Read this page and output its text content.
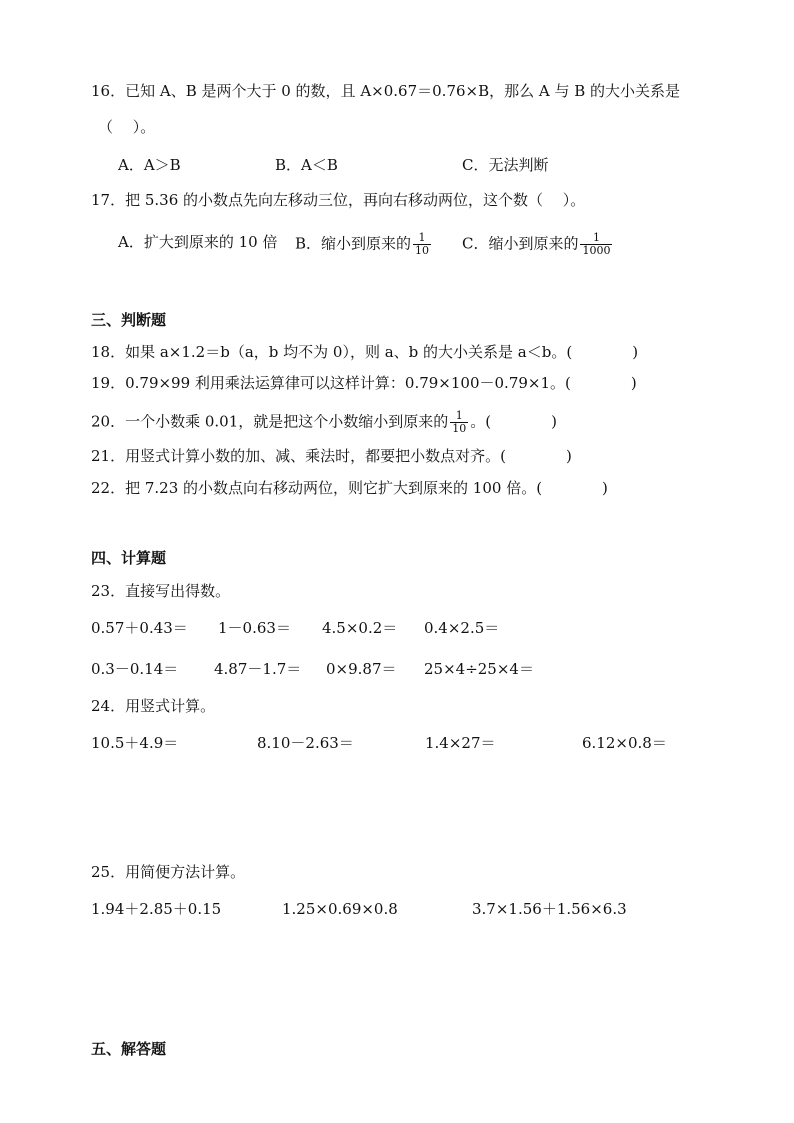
16．已知 A、B 是两个大于 0 的数，且 A×0.67＝0.76×B，那么 A 与 B 的大小关系是
（　 ）。
A．A＞B	B．A＜B	C．无法判断
17．把 5.36 的小数点先向左移动三位，再向右移动两位，这个数（　 ）。
A．扩大到原来的 10 倍 B．缩小到原来的 $\frac{1}{10}$ C．缩小到原来的 $\frac{1}{1000}$
三、判断题
18．如果 a×1.2＝b（a，b 均不为 0），则 a、b 的大小关系是 a＜b。(　　　　)
19．0.79×99 利用乘法运算律可以这样计算：0.79×100－0.79×1。(　　　　)
20．一个小数乘 0.01，就是把这个小数缩小到原来的 $\frac{1}{10}$ 。(　　　　)
21．用竖式计算小数的加、减、乘法时，都要把小数点对齐。(　　　　)
22．把 7.23 的小数点向右移动两位，则它扩大到原来的 100 倍。(　　　　)
四、计算题
23．直接写出得数。
0.57＋0.43＝ 1－0.63＝ 4.5×0.2＝ 0.4×2.5＝
0.3－0.14＝ 4.87－1.7＝ 0×9.87＝ 25×4÷25×4＝
24．用竖式计算。
10.5＋4.9＝	8.10－2.63＝	1.4×27＝	6.12×0.8＝
25．用简便方法计算。
1.94＋2.85＋0.15	1.25×0.69×0.8	3.7×1.56＋1.56×6.3
五、解答题
